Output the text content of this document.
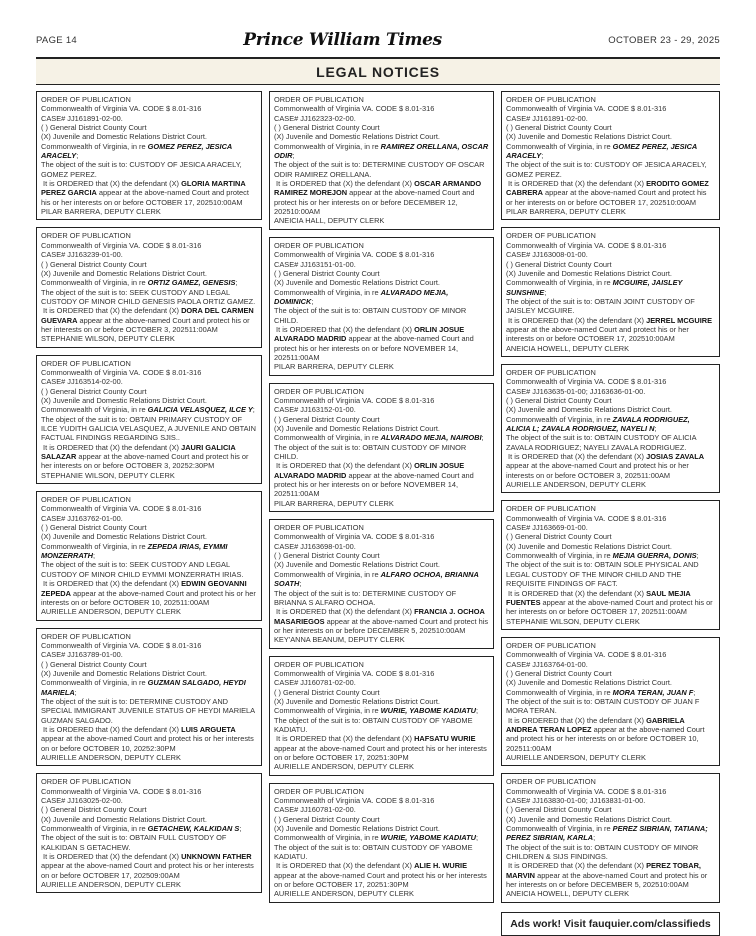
PAGE 14	Prince William Times	OCTOBER 23 - 29, 2025
LEGAL NOTICES
ORDER OF PUBLICATION
Commonwealth of Virginia VA. CODE $ 8.01-316
CASE# JJ161891-02-00.
( ) General District County Court
(X) Juvenile and Domestic Relations District Court.
Commonwealth of Virginia, in re GOMEZ PEREZ, JESICA ARACELY;
The object of the suit is to: CUSTODY OF JESICA ARACELY, GOMEZ PEREZ.
It is ORDERED that (X) the defendant (X) GLORIA MARTINA PEREZ GARCIA appear at the above-named Court and protect his or her interests on or before OCTOBER 17, 202510:00AM
PILAR BARRERA, DEPUTY CLERK
ORDER OF PUBLICATION
Commonwealth of Virginia VA. CODE $ 8.01-316
CASE# JJ163239-01-00.
( ) General District County Court
(X) Juvenile and Domestic Relations District Court.
Commonwealth of Virginia, in re ORTIZ GAMEZ, GENESIS;
The object of the suit is to: SEEK CUSTODY AND LEGAL CUSTODY OF MINOR CHILD GENESIS PAOLA ORTIZ GAMEZ.
It is ORDERED that (X) the defendant (X) DORA DEL CARMEN GUEVARA appear at the above-named Court and protect his or her interests on or before OCTOBER 3, 202511:00AM
STEPHANIE WILSON, DEPUTY CLERK
ORDER OF PUBLICATION
Commonwealth of Virginia VA. CODE $ 8.01-316
CASE# JJ163514-02-00.
( ) General District County Court
(X) Juvenile and Domestic Relations District Court.
Commonwealth of Virginia, in re GALICIA VELASQUEZ, ILCE Y;
The object of the suit is to: OBTAIN PRIMARY CUSTODY OF ILCE YUDITH GALICIA VELASQUEZ, A JUVENILE AND OBTAIN FACTUAL FINDINGS REGARDING SJIS..
It is ORDERED that (X) the defendant (X) JAURI GALICIA SALAZAR appear at the above-named Court and protect his or her interests on or before OCTOBER 3, 20252:30PM
STEPHANIE WILSON, DEPUTY CLERK
ORDER OF PUBLICATION
Commonwealth of Virginia VA. CODE $ 8.01-316
CASE# JJ163762-01-00.
( ) General District County Court
(X) Juvenile and Domestic Relations District Court.
Commonwealth of Virginia, in re ZEPEDA IRIAS, EYMMI MONZERRATH;
The object of the suit is to: SEEK CUSTODY AND LEGAL CUSTODY OF MINOR CHILD EYMMI MONZERRATH IRIAS.
It is ORDERED that (X) the defendant (X) EDWIN GEOVANNI ZEPEDA appear at the above-named Court and protect his or her interests on or before OCTOBER 10, 202511:00AM
AURIELLE ANDERSON, DEPUTY CLERK
ORDER OF PUBLICATION
Commonwealth of Virginia VA. CODE $ 8.01-316
CASE# JJ163789-01-00.
( ) General District County Court
(X) Juvenile and Domestic Relations District Court.
Commonwealth of Virginia, in re GUZMAN SALGADO, HEYDI MARIELA;
The object of the suit is to: DETERMINE CUSTODY AND SPECIAL IMMIGRANT JUVENILE STATUS OF HEYDI MARIELA GUZMAN SALGADO.
It is ORDERED that (X) the defendant (X) LUIS ARGUETA appear at the above-named Court and protect his or her interests on or before OCTOBER 10, 20252:30PM
AURIELLE ANDERSON, DEPUTY CLERK
ORDER OF PUBLICATION
Commonwealth of Virginia VA. CODE $ 8.01-316
CASE# JJ163025-02-00.
( ) General District County Court
(X) Juvenile and Domestic Relations District Court.
Commonwealth of Virginia, in re GETACHEW, KALKIDAN S;
The object of the suit is to: OBTAIN FULL CUSTODY OF KALKIDAN S GETACHEW.
It is ORDERED that (X) the defendant (X) UNKNOWN FATHER appear at the above-named Court and protect his or her interests on or before OCTOBER 17, 202509:00AM
AURIELLE ANDERSON, DEPUTY CLERK
ORDER OF PUBLICATION
Commonwealth of Virginia VA. CODE $ 8.01-316
CASE# JJ162323-02-00.
( ) General District County Court
(X) Juvenile and Domestic Relations District Court.
Commonwealth of Virginia, in re RAMIREZ ORELLANA, OSCAR ODIR;
The object of the suit is to: DETERMINE CUSTODY OF OSCAR ODIR RAMIREZ ORELLANA.
It is ORDERED that (X) the defendant (X) OSCAR ARMANDO RAMIREZ MOREJON appear at the above-named Court and protect his or her interests on or before DECEMBER 12, 202510:00AM
ANEICIA HALL, DEPUTY CLERK
ORDER OF PUBLICATION
Commonwealth of Virginia VA. CODE $ 8.01-316
CASE# JJ163151-01-00.
( ) General District County Court
(X) Juvenile and Domestic Relations District Court.
Commonwealth of Virginia, in re ALVARADO MEJIA, DOMINICK;
The object of the suit is to: OBTAIN CUSTODY OF MINOR CHILD.
It is ORDERED that (X) the defendant (X) ORLIN JOSUE ALVARADO MADRID appear at the above-named Court and protect his or her interests on or before NOVEMBER 14, 202511:00AM
PILAR BARRERA, DEPUTY CLERK
ORDER OF PUBLICATION
Commonwealth of Virginia VA. CODE $ 8.01-316
CASE# JJ163152-01-00.
( ) General District County Court
(X) Juvenile and Domestic Relations District Court.
Commonwealth of Virginia, in re ALVARADO MEJIA, NAIROBI;
The object of the suit is to: OBTAIN CUSTODY OF MINOR CHILD.
It is ORDERED that (X) the defendant (X) ORLIN JOSUE ALVARADO MADRID appear at the above-named Court and protect his or her interests on or before NOVEMBER 14, 202511:00AM
PILAR BARRERA, DEPUTY CLERK
ORDER OF PUBLICATION
Commonwealth of Virginia VA. CODE $ 8.01-316
CASE# JJ163698-01-00.
( ) General District County Court
(X) Juvenile and Domestic Relations District Court.
Commonwealth of Virginia, in re ALFARO OCHOA, BRIANNA SOATH;
The object of the suit is to: DETERMINE CUSTODY OF BRIANNA S ALFARO OCHOA.
It is ORDERED that (X) the defendant (X) FRANCIA J. OCHOA MASARIEGOS appear at the above-named Court and protect his or her interests on or before DECEMBER 5, 202510:00AM
KEY'ANNA BEANUM, DEPUTY CLERK
ORDER OF PUBLICATION
Commonwealth of Virginia VA. CODE $ 8.01-316
CASE# JJ160781-02-00.
( ) General District County Court
(X) Juvenile and Domestic Relations District Court.
Commonwealth of Virginia, in re WURIE, YABOME KADIATU;
The object of the suit is to: OBTAIN CUSTODY OF YABOME KADIATU.
It is ORDERED that (X) the defendant (X) HAFSATU WURIE appear at the above-named Court and protect his or her interests on or before OCTOBER 17, 20251:30PM
AURIELLE ANDERSON, DEPUTY CLERK
ORDER OF PUBLICATION
Commonwealth of Virginia VA. CODE $ 8.01-316
CASE# JJ160781-02-00.
( ) General District County Court
(X) Juvenile and Domestic Relations District Court.
Commonwealth of Virginia, in re WURIE, YABOME KADIATU;
The object of the suit is to: OBTAIN CUSTODY OF YABOME KADIATU.
It is ORDERED that (X) the defendant (X) ALIE H. WURIE appear at the above-named Court and protect his or her interests on or before OCTOBER 17, 20251:30PM
AURIELLE ANDERSON, DEPUTY CLERK
ORDER OF PUBLICATION
Commonwealth of Virginia VA. CODE $ 8.01-316
CASE# JJ161891-02-00.
( ) General District County Court
(X) Juvenile and Domestic Relations District Court.
Commonwealth of Virginia, in re GOMEZ PEREZ, JESICA ARACELY;
The object of the suit is to: CUSTODY OF JESICA ARACELY, GOMEZ PEREZ.
It is ORDERED that (X) the defendant (X) ERODITO GOMEZ CABRERA appear at the above-named Court and protect his or her interests on or before OCTOBER 17, 202510:00AM
PILAR BARRERA, DEPUTY CLERK
ORDER OF PUBLICATION
Commonwealth of Virginia VA. CODE $ 8.01-316
CASE# JJ163008-01-00.
( ) General District County Court
(X) Juvenile and Domestic Relations District Court.
Commonwealth of Virginia, in re MCGUIRE, JAISLEY SUNSHINE;
The object of the suit is to: OBTAIN JOINT CUSTODY OF JAISLEY MCGUIRE.
It is ORDERED that (X) the defendant (X) JERREL MCGUIRE appear at the above-named Court and protect his or her interests on or before OCTOBER 17, 202510:00AM
ANEICIA HOWELL, DEPUTY CLERK
ORDER OF PUBLICATION
Commonwealth of Virginia VA. CODE $ 8.01-316
CASE# JJ163635-01-00; JJ163636-01-00.
( ) General District County Court
(X) Juvenile and Domestic Relations District Court.
Commonwealth of Virginia, in re ZAVALA RODRIGUEZ, ALICIA L; ZAVALA RODRIGUEZ, NAYELI N;
The object of the suit is to: OBTAIN CUSTODY OF ALICIA ZAVALA RODRIGUEZ; NAYELI ZAVALA RODRIGUEZ.
It is ORDERED that (X) the defendant (X) JOSIAS ZAVALA appear at the above-named Court and protect his or her interests on or before OCTOBER 3, 202511:00AM
AURIELLE ANDERSON, DEPUTY CLERK
ORDER OF PUBLICATION
Commonwealth of Virginia VA. CODE $ 8.01-316
CASE# JJ163669-01-00.
( ) General District County Court
(X) Juvenile and Domestic Relations District Court.
Commonwealth of Virginia, in re MEJIA GUERRA, DONIS;
The object of the suit is to: OBTAIN SOLE PHYSICAL AND LEGAL CUSTODY OF THE MINOR CHILD AND THE REQUISITE FINDINGS OF FACT.
It is ORDERED that (X) the defendant (X) SAUL MEJIA FUENTES appear at the above-named Court and protect his or her interests on or before OCTOBER 17, 202511:00AM
STEPHANIE WILSON, DEPUTY CLERK
ORDER OF PUBLICATION
Commonwealth of Virginia VA. CODE $ 8.01-316
CASE# JJ163764-01-00.
( ) General District County Court
(X) Juvenile and Domestic Relations District Court.
Commonwealth of Virginia, in re MORA TERAN, JUAN F;
The object of the suit is to: OBTAIN CUSTODY OF JUAN F MORA TERAN.
It is ORDERED that (X) the defendant (X) GABRIELA ANDREA TERAN LOPEZ appear at the above-named Court and protect his or her interests on or before OCTOBER 10, 202511:00AM
AURIELLE ANDERSON, DEPUTY CLERK
ORDER OF PUBLICATION
Commonwealth of Virginia VA. CODE $ 8.01-316
CASE# JJ163830-01-00; JJ163831-01-00.
( ) General District County Court
(X) Juvenile and Domestic Relations District Court.
Commonwealth of Virginia, in re PEREZ SIBRIAN, TATIANA; PEREZ SIBRIAN, KARLA;
The object of the suit is to: OBTAIN CUSTODY OF MINOR CHILDREN & SIJS FINDINGS.
It is ORDERED that (X) the defendant (X) PEREZ TOBAR, MARVIN appear at the above-named Court and protect his or her interests on or before DECEMBER 5, 202510:00AM
ANEICIA HOWELL, DEPUTY CLERK
Ads work! Visit fauquier.com/classifieds
